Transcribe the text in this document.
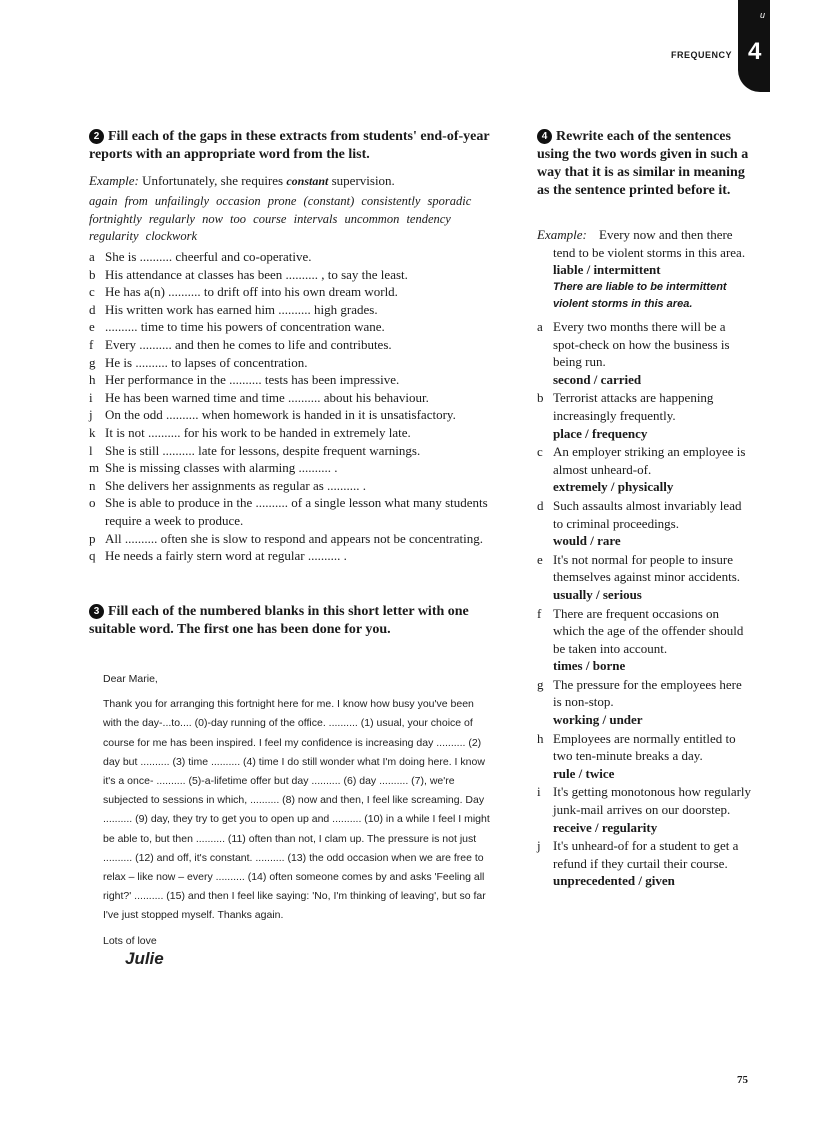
FREQUENCY
u
4
2 Fill each of the gaps in these extracts from students' end-of-year reports with an appropriate word from the list.
Example: Unfortunately, she requires constant supervision.
again from unfailingly occasion prone (constant) consistently sporadic fortnightly regularly now too course intervals uncommon tendency regularity clockwork
a She is .......... cheerful and co-operative.
b His attendance at classes has been .......... , to say the least.
c He has a(n) .......... to drift off into his own dream world.
d His written work has earned him .......... high grades.
e .......... time to time his powers of concentration wane.
f Every .......... and then he comes to life and contributes.
g He is .......... to lapses of concentration.
h Her performance in the .......... tests has been impressive.
i He has been warned time and time .......... about his behaviour.
j On the odd .......... when homework is handed in it is unsatisfactory.
k It is not .......... for his work to be handed in extremely late.
l She is still .......... late for lessons, despite frequent warnings.
m She is missing classes with alarming .......... .
n She delivers her assignments as regular as .......... .
o She is able to produce in the .......... of a single lesson what many students require a week to produce.
p All .......... often she is slow to respond and appears not be concentrating.
q He needs a fairly stern word at regular .......... .
3 Fill each of the numbered blanks in this short letter with one suitable word. The first one has been done for you.

Dear Marie,

Thank you for arranging this fortnight here for me. I know how busy you've been with the day-...to.... (0)-day running of the office. .......... (1) usual, your choice of course for me has been inspired. I feel my confidence is increasing day .......... (2) day but .......... (3) time .......... (4) time I do still wonder what I'm doing here. I know it's a once- .......... (5)-a-lifetime offer but day .......... (6) day .......... (7), we're subjected to sessions in which, .......... (8) now and then, I feel like screaming. Day .......... (9) day, they try to get you to open up and .......... (10) in a while I feel I might be able to, but then .......... (11) often than not, I clam up. The pressure is not just .......... (12) and off, it's constant. .......... (13) the odd occasion when we are free to relax – like now – every .......... (14) often someone comes by and asks 'Feeling all right?' .......... (15) and then I feel like saying: 'No, I'm thinking of leaving', but so far I've just stopped myself. Thanks again.

Lots of love

Julie

4 Rewrite each of the sentences using the two words given in such a way that it is as similar in meaning as the sentence printed before it.
Example: Every now and then there tend to be violent storms in this area.
liable / intermittent
There are liable to be intermittent violent storms in this area.
a Every two months there will be a spot-check on how the business is being run.
second / carried
b Terrorist attacks are happening increasingly frequently.
place / frequency
c An employer striking an employee is almost unheard-of.
extremely / physically
d Such assaults almost invariably lead to criminal proceedings.
would / rare
e It's not normal for people to insure themselves against minor accidents.
usually / serious
f There are frequent occasions on which the age of the offender should be taken into account.
times / borne
g The pressure for the employees here is non-stop.
working / under
h Employees are normally entitled to two ten-minute breaks a day.
rule / twice
i It's getting monotonous how regularly junk-mail arrives on our doorstep.
receive / regularity
j It's unheard-of for a student to get a refund if they curtail their course.
unprecedented / given
75
